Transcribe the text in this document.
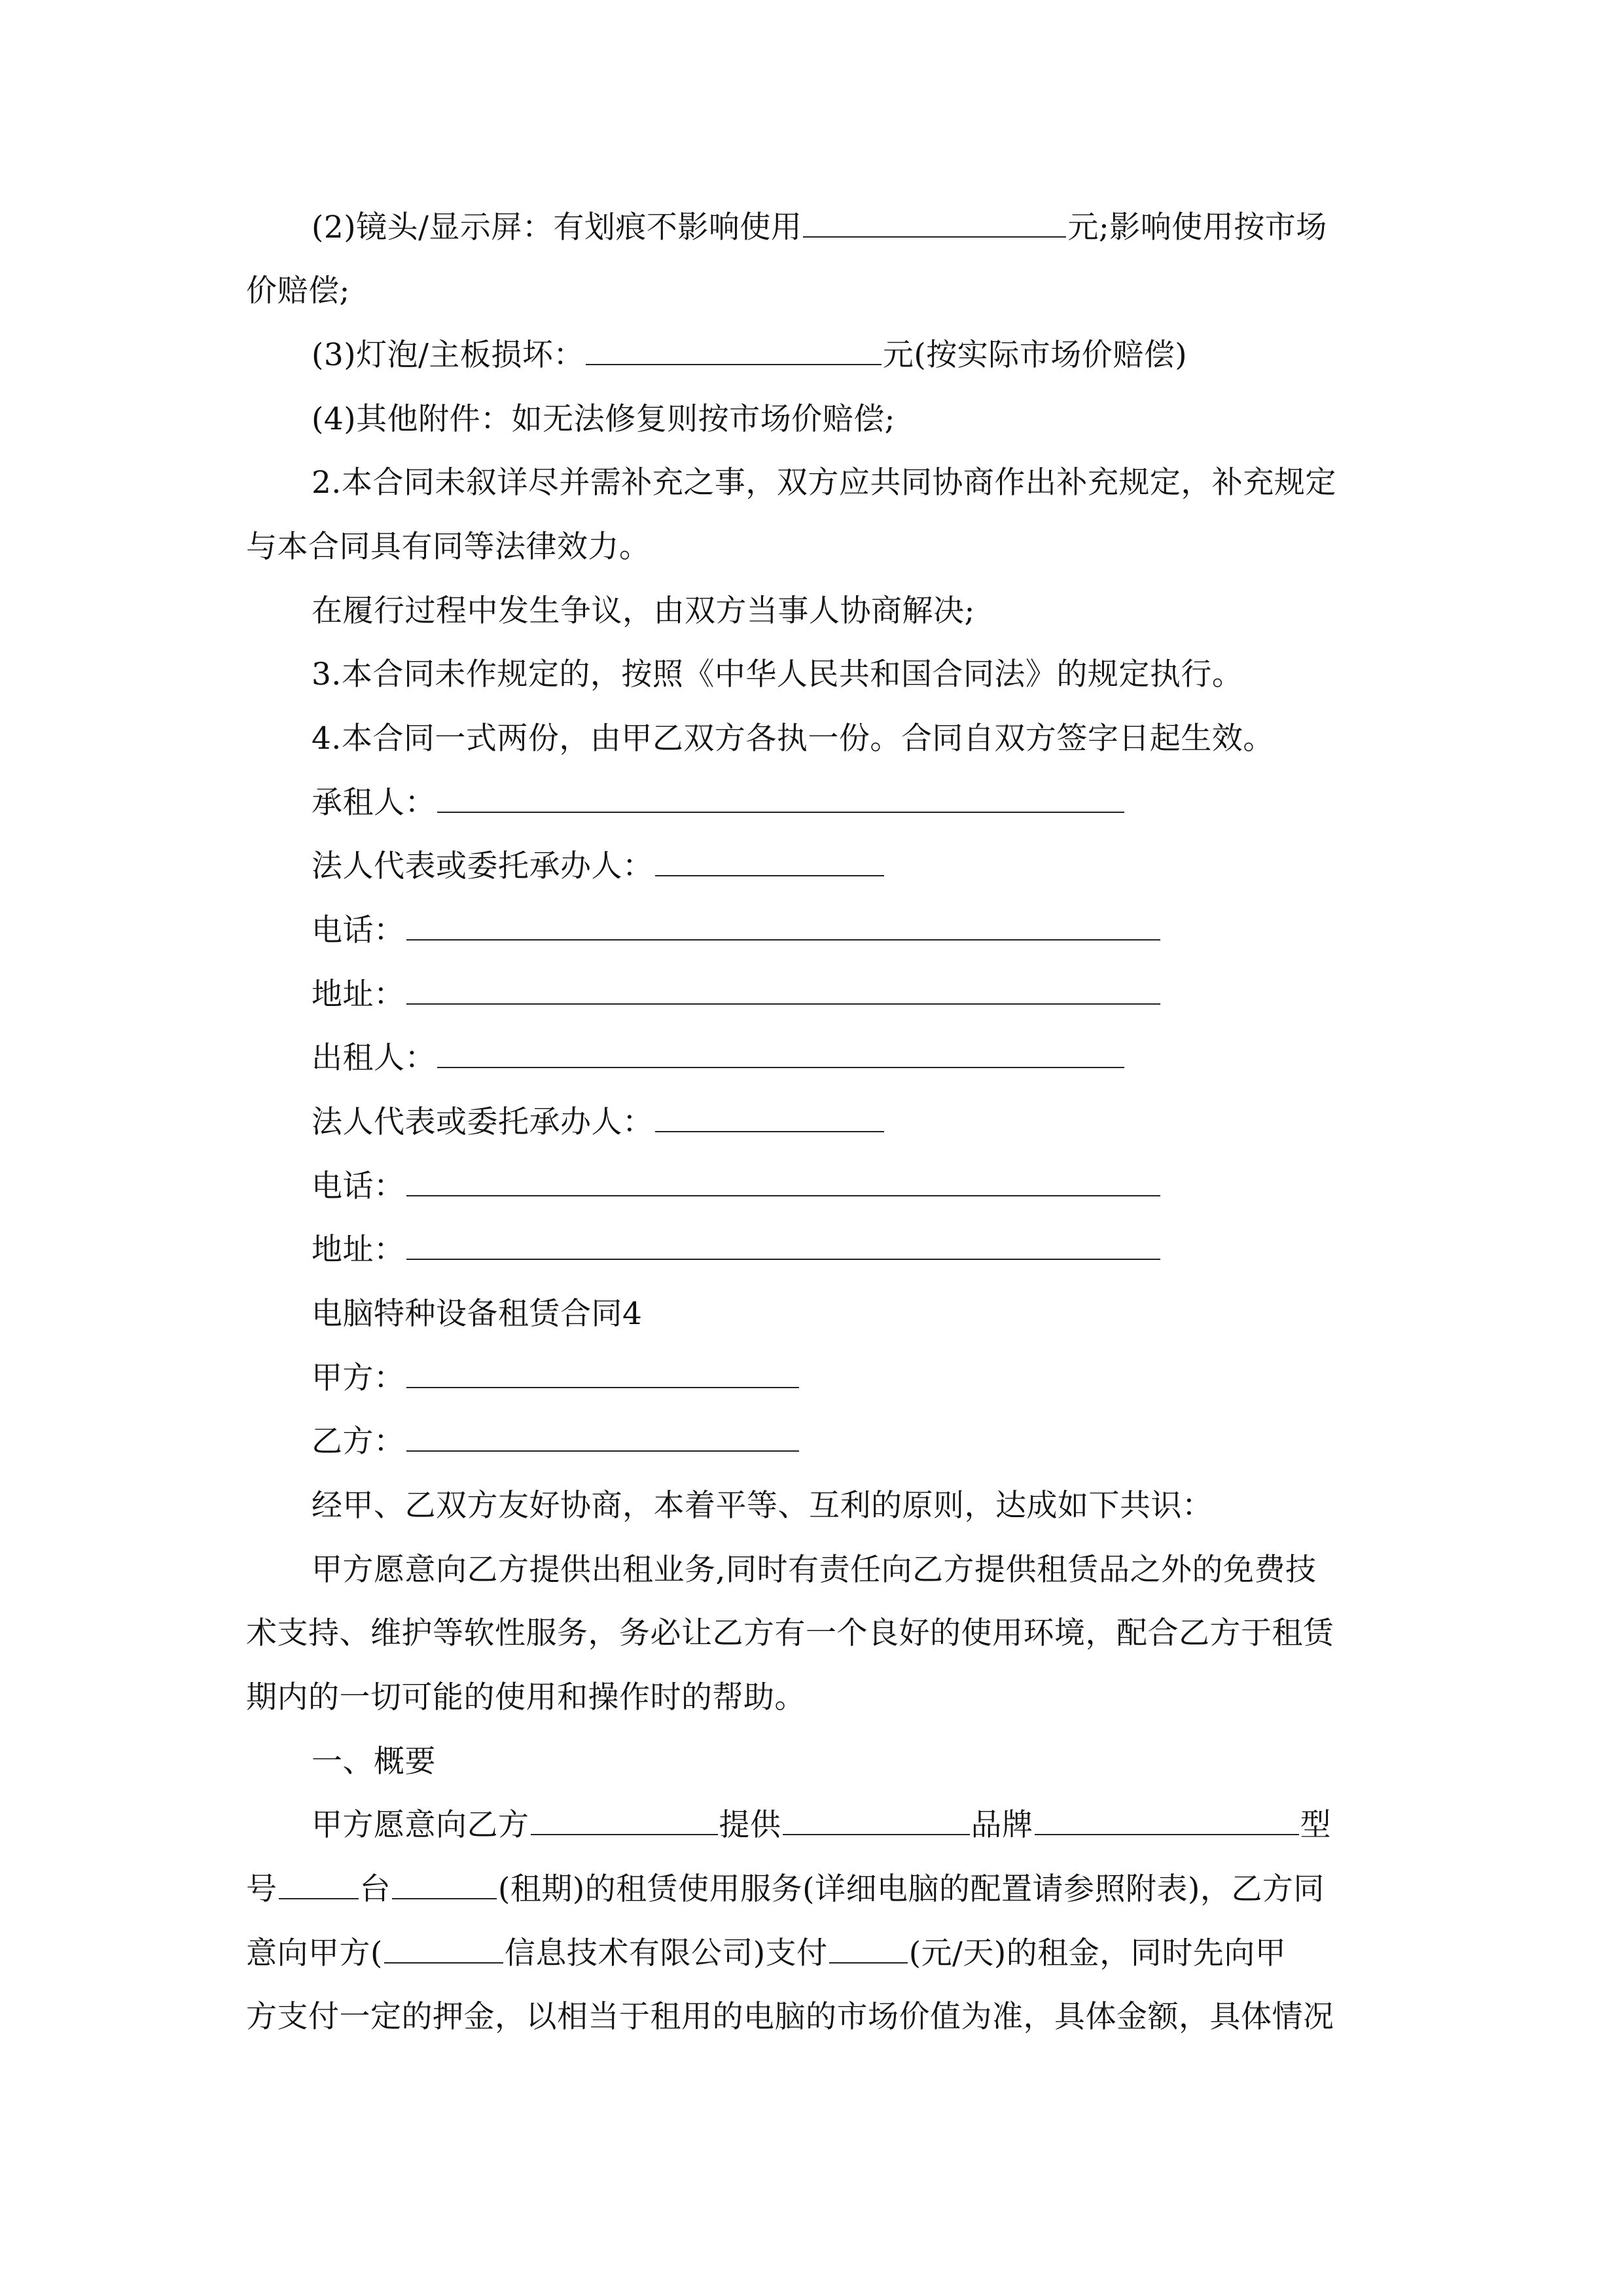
(2)镜头/显示屏：有划痕不影响使用	元;影响使用按市场
价赔偿;
(3)灯泡/主板损坏：	元(按实际市场价赔偿)
(4)其他附件：如无法修复则按市场价赔偿;
2.本合同未叙详尽并需补充之事，双方应共同协商作出补充规定，补充规定
与本合同具有同等法律效力。
在履行过程中发生争议，由双方当事人协商解决;
3.本合同未作规定的，按照《中华人民共和国合同法》的规定执行。
4.本合同一式两份，由甲乙双方各执一份。合同自双方签字日起生效。
承租人：
法人代表或委托承办人：
电话：
地址：
出租人：
法人代表或委托承办人：
电话：
地址：
电脑特种设备租赁合同4
甲方：
乙方：
经甲、乙双方友好协商，本着平等、互利的原则，达成如下共识：
甲方愿意向乙方提供出租业务,同时有责任向乙方提供租赁品之外的免费技
术支持、维护等软性服务，务必让乙方有一个良好的使用环境，配合乙方于租赁
期内的一切可能的使用和操作时的帮助。
一、概要
甲方愿意向乙方	提供	品牌	型
号	台	(租期)的租赁使用服务(详细电脑的配置请参照附表)，乙方同
意向甲方(	信息技术有限公司)支付	(元/天)的租金，同时先向甲
方支付一定的押金，以相当于租用的电脑的市场价值为准，具体金额，具体情况
